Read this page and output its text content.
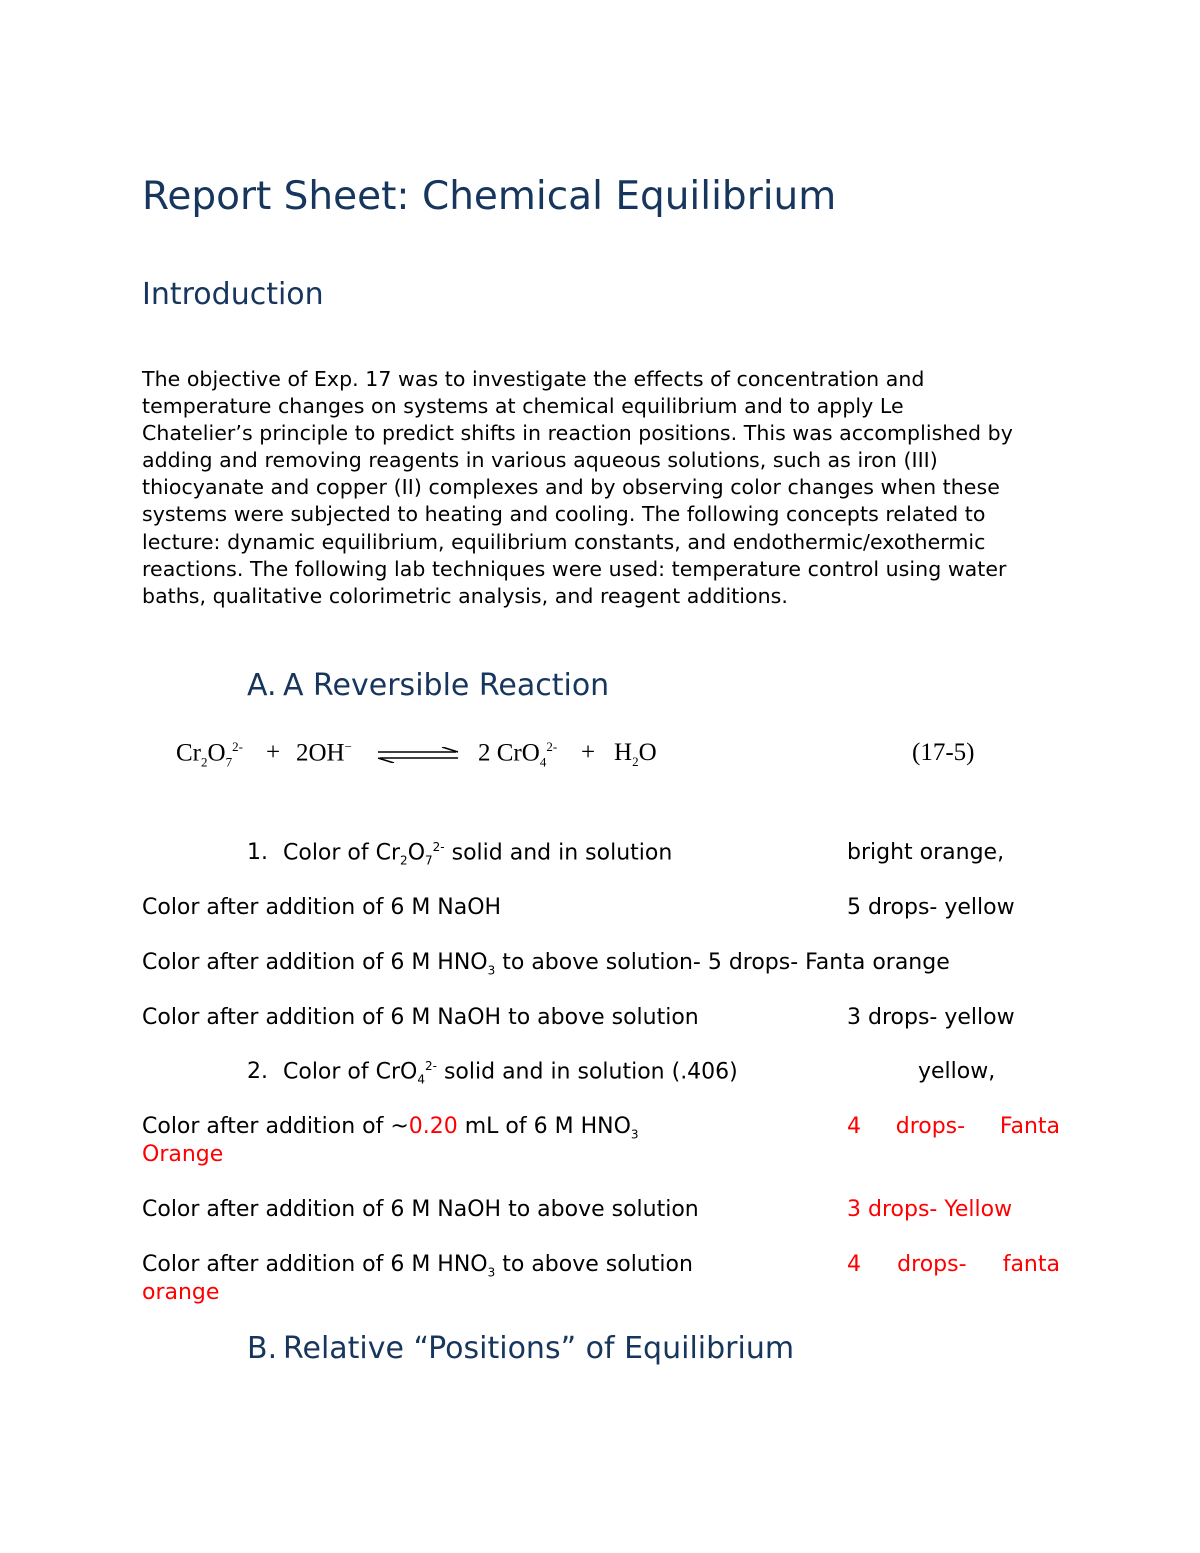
Report Sheet: Chemical Equilibrium
Introduction

The objective of Exp. 17 was to investigate the effects of concentration and
temperature changes on systems at chemical equilibrium and to apply Le
Chatelier’s principle to predict shifts in reaction positions. This was accomplished by
adding and removing reagents in various aqueous solutions, such as iron (III)
thiocyanate and copper (II) complexes and by observing color changes when these
systems were subjected to heating and cooling. The following concepts related to
lecture: dynamic equilibrium, equilibrium constants, and endothermic/exothermic
reactions. The following lab techniques were used: temperature control using water
baths, qualitative colorimetric analysis, and reagent additions.

A. A Reversible Reaction
$Cr_2O_7^{2-} + 2OH^-$ ⇌ 2 $CrO_4^{2-} + H_2O$	(17-5)
1. Color of $Cr_2O_7^{2-}$ solid and in solution	bright orange,
Color after addition of 6 M NaOH	5 drops- yellow
Color after addition of 6 M $HNO_3$ to above solution- 5 drops- Fanta orange
Color after addition of 6 M NaOH to above solution	3 drops- yellow
2. Color of CrO$_4^{2-}$ solid and in solution (.406)	yellow,
Color after addition of ~0.20 mL of 6 M $HNO_3$	4 drops- Fanta
Orange
Color after addition of 6 M NaOH to above solution	3 drops- Yellow
Color after addition of 6 M $HNO_3$ to above solution	4 drops- fanta
orange
B. Relative “Positions” of Equilibrium
